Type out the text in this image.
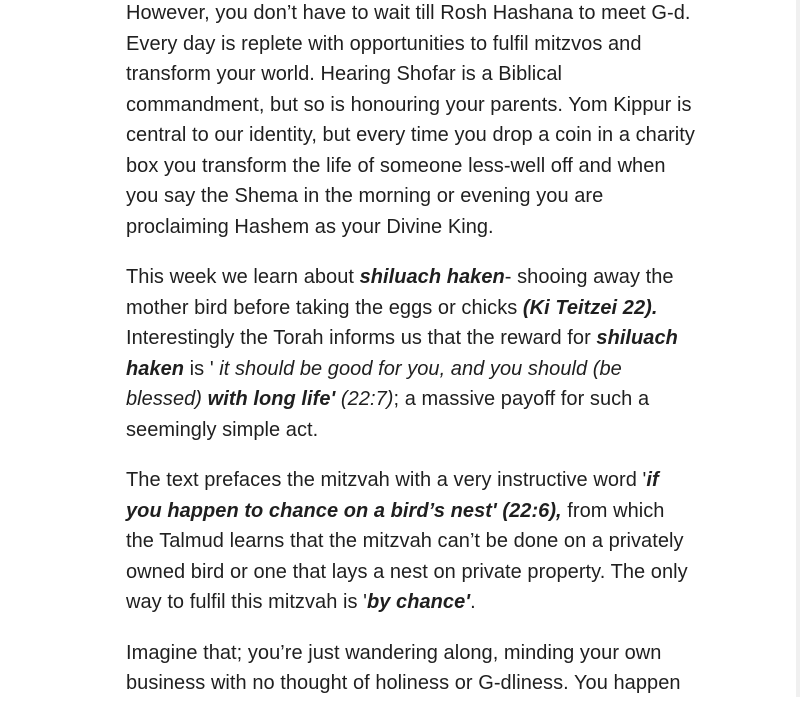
However, you don’t have to wait till Rosh Hashana to meet G-d. Every day is replete with opportunities to fulfil mitzvos and transform your world. Hearing Shofar is a Biblical commandment, but so is honouring your parents. Yom Kippur is central to our identity, but every time you drop a coin in a charity box you transform the life of someone less-well off and when you say the Shema in the morning or evening you are proclaiming Hashem as your Divine King.

This week we learn about shiluach haken- shooing away the mother bird before taking the eggs or chicks (Ki Teitzei 22). Interestingly the Torah informs us that the reward for shiluach haken is ' it should be good for you, and you should (be blessed) with long life' (22:7); a massive payoff for such a seemingly simple act.

The text prefaces the mitzvah with a very instructive word 'if you happen to chance on a bird’s nest' (22:6), from which the Talmud learns that the mitzvah can’t be done on a privately owned bird or one that lays a nest on private property. The only way to fulfil this mitzvah is 'by chance'.

Imagine that; you’re just wandering along, minding your own business with no thought of holiness or G-dliness. You happen
